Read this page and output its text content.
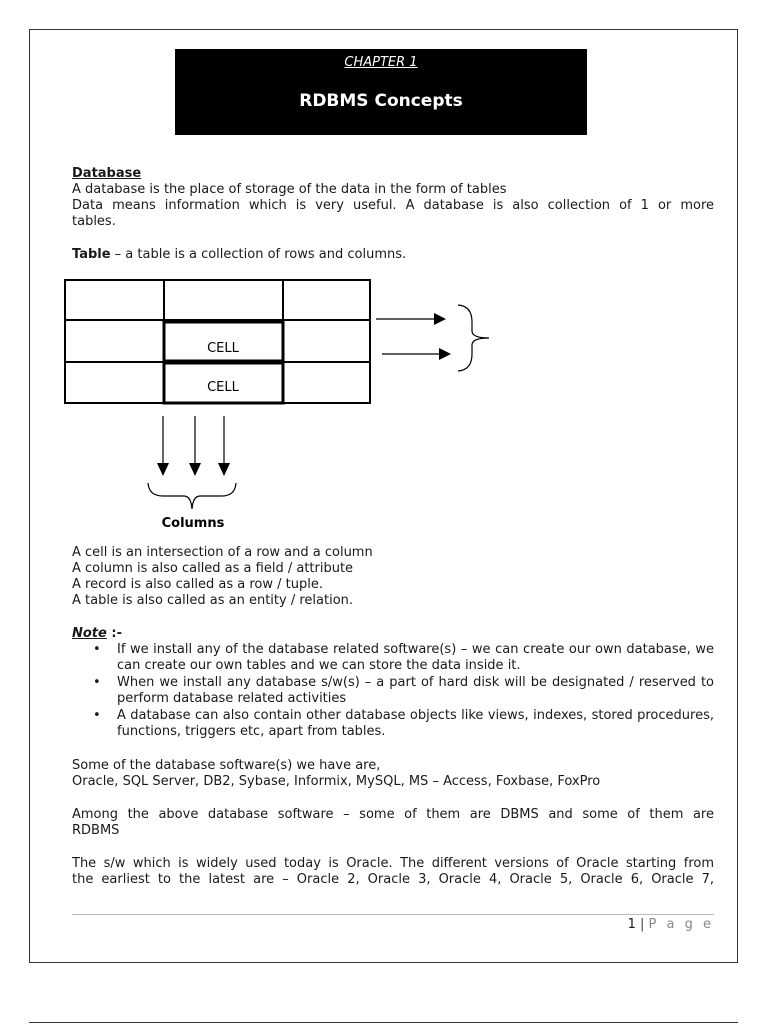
CHAPTER 1
RDBMS Concepts
Database
A database is the place of storage of the data in the form of tables
Data means information which is very useful. A database is also collection of 1 or more
tables.
Table – a table is a collection of rows and columns.
CELL
CELL
Columns
A cell is an intersection of a row and a column
A column is also called as a field / attribute
A record is also called as a row / tuple.
A table is also called as an entity / relation.
Note :-
• If we install any of the database related software(s) – we can create our own database, we can create our own tables and we can store the data inside it.
• When we install any database s/w(s) – a part of hard disk will be designated / reserved to perform database related activities
• A database can also contain other database objects like views, indexes, stored procedures, functions, triggers etc, apart from tables.
Some of the database software(s) we have are,
Oracle, SQL Server, DB2, Sybase, Informix, MySQL, MS – Access, Foxbase, FoxPro
Among the above database software – some of them are DBMS and some of them are
RDBMS
The s/w which is widely used today is Oracle. The different versions of Oracle starting from
the earliest to the latest are – Oracle 2, Oracle 3, Oracle 4, Oracle 5, Oracle 6, Oracle 7,
1 | P a g e
